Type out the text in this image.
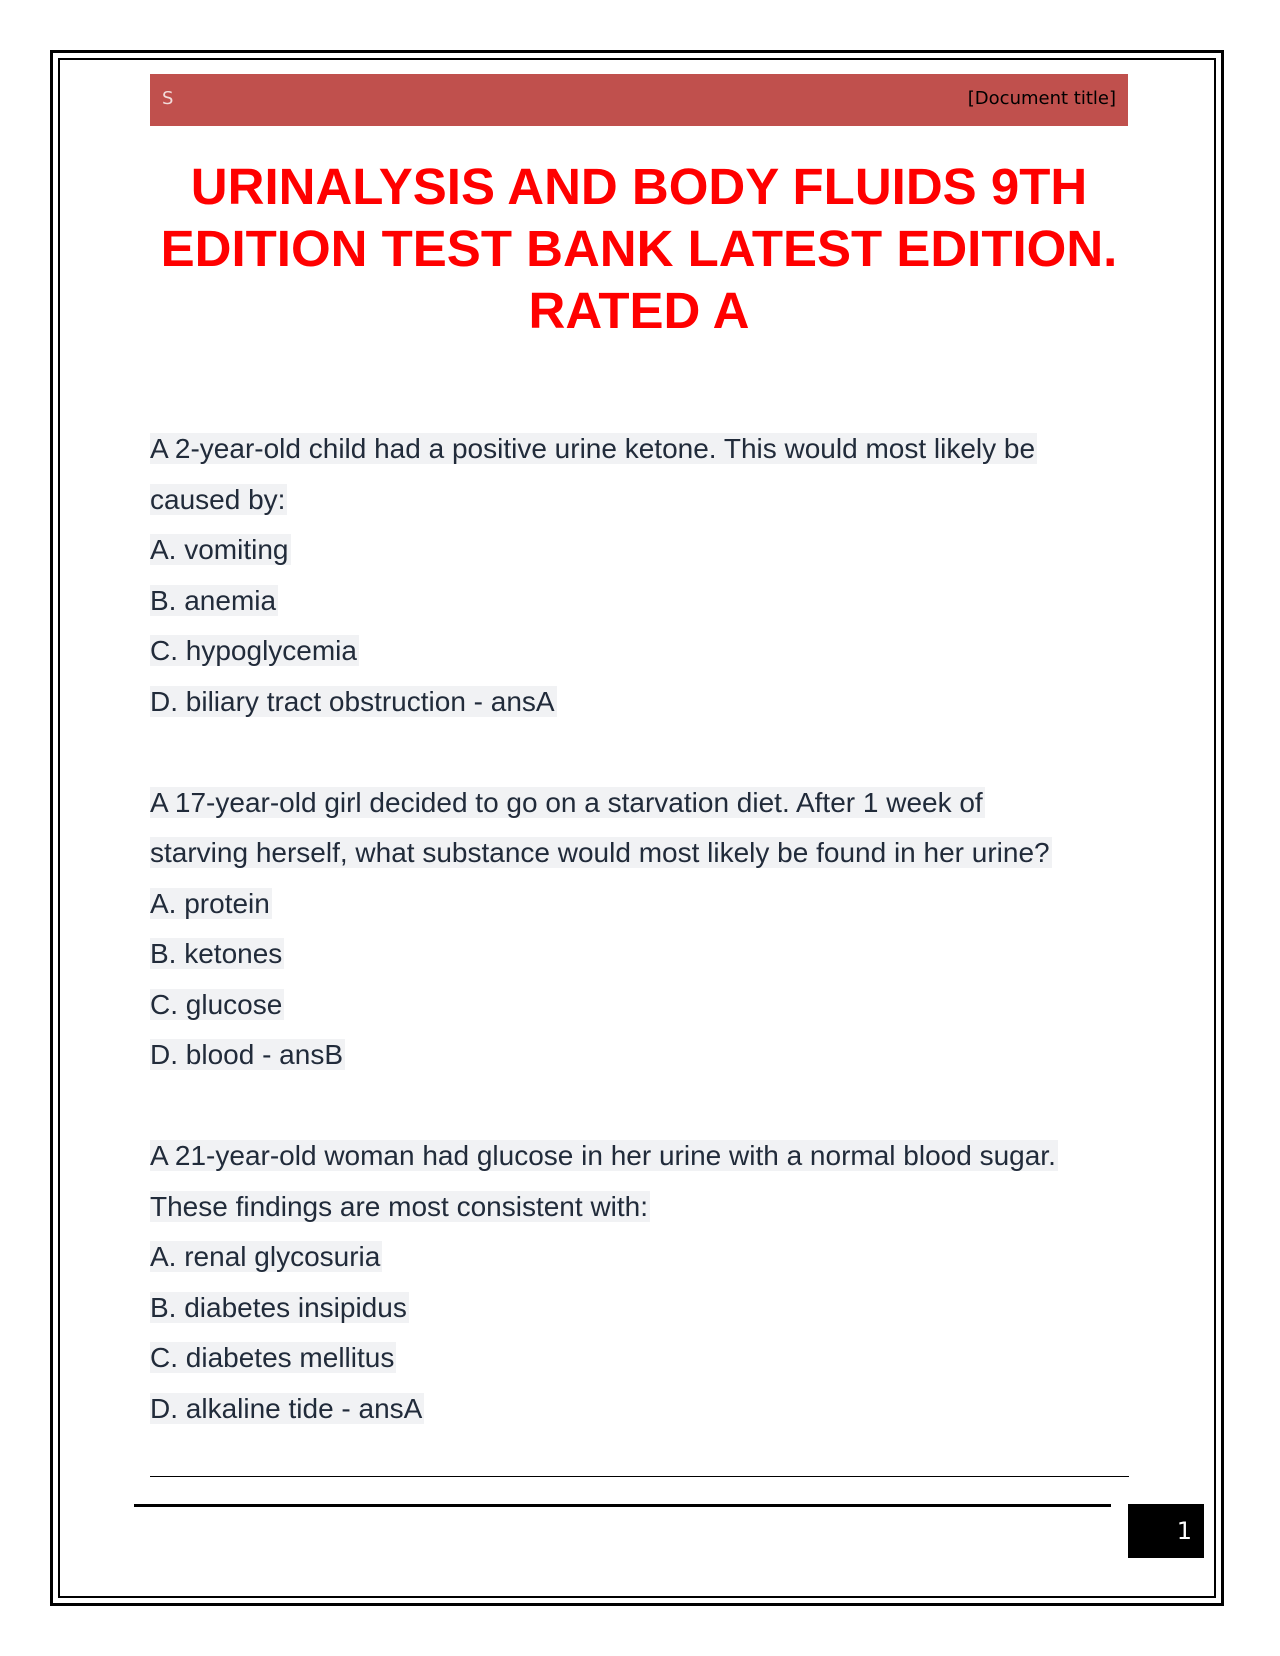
S	[Document title]
URINALYSIS AND BODY FLUIDS 9TH EDITION TEST BANK LATEST EDITION. RATED A
A 2-year-old child had a positive urine ketone. This would most likely be
caused by:
A. vomiting
B. anemia
C. hypoglycemia
D. biliary tract obstruction - ansA
A 17-year-old girl decided to go on a starvation diet. After 1 week of
starving herself, what substance would most likely be found in her urine?
A. protein
B. ketones
C. glucose
D. blood - ansB
A 21-year-old woman had glucose in her urine with a normal blood sugar.
These findings are most consistent with:
A. renal glycosuria
B. diabetes insipidus
C. diabetes mellitus
D. alkaline tide - ansA
1
